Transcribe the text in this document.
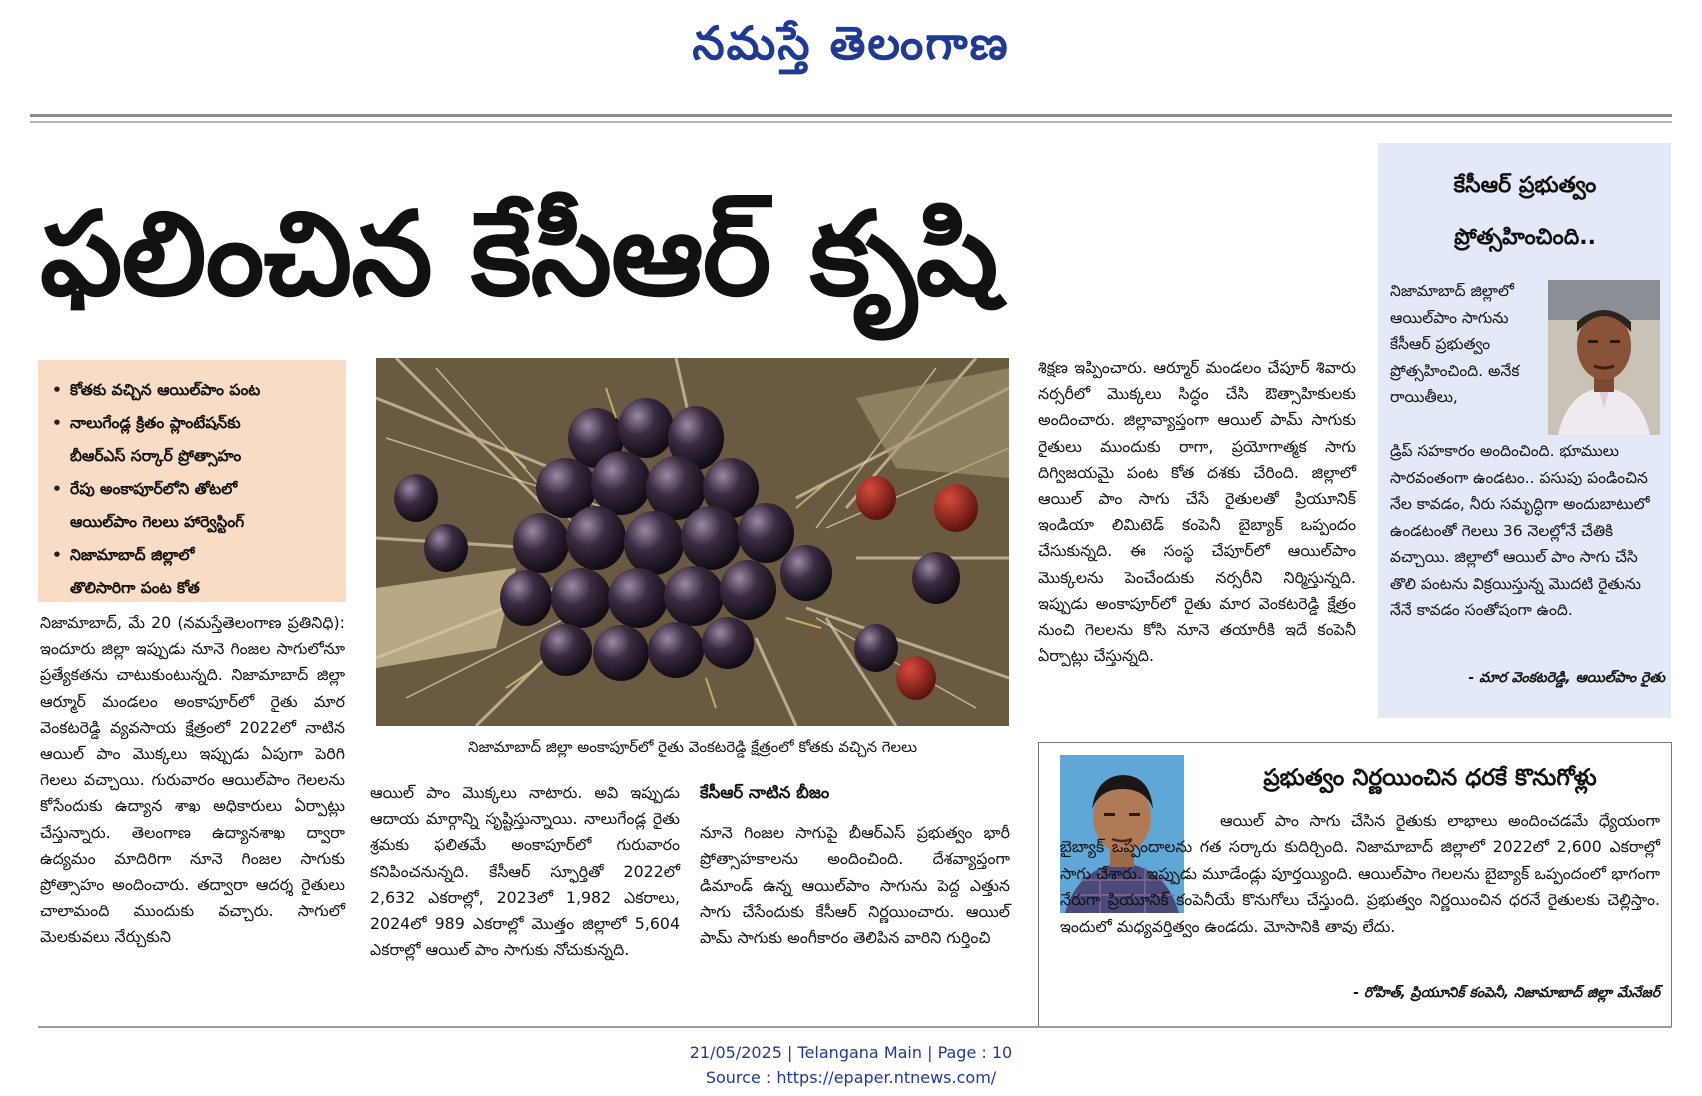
నమస్తే తెలంగాణ
ఫలించిన కేసీఆర్ కృషి
• కోతకు వచ్చిన ఆయిల్‌పాం పంట
• నాలుగేండ్ల క్రితం ప్లాంటేషన్‌కు
బీఆర్‌ఎస్ సర్కార్ ప్రోత్సాహం
• రేపు అంకాపూర్‌లోని తోటలో
ఆయిల్‌పాం గెలలు హార్వెస్టింగ్
• నిజామాబాద్ జిల్లాలో
తొలిసారిగా పంట కోత
నిజామాబాద్ జిల్లా అంకాపూర్‌లో రైతు వెంకటరెడ్డి క్షేత్రంలో కోతకు వచ్చిన గెలలు
నిజామాబాద్, మే 20 (నమస్తేతెలంగాణ ప్రతినిధి): ఇందూరు జిల్లా ఇప్పుడు నూనె గింజల సాగులోనూ ప్రత్యేకతను చాటుకుంటున్నది. నిజామాబాద్ జిల్లా ఆర్మూర్ మండలం అంకాపూర్‌లో రైతు మార వెంకటరెడ్డి వ్యవసాయ క్షేత్రంలో 2022లో నాటిన ఆయిల్ పాం మొక్కలు ఇప్పుడు ఏపుగా పెరిగి గెలలు వచ్చాయి. గురువారం ఆయిల్‌పాం గెలలను కోసేందుకు ఉద్యాన శాఖ అధికారులు ఏర్పాట్లు చేస్తున్నారు. తెలంగాణ ఉద్యానశాఖ ద్వారా ఉద్యమం మాదిరిగా నూనె గింజల సాగుకు ప్రోత్సాహం అందించారు. తద్వారా ఆదర్శ రైతులు చాలామంది ముందుకు వచ్చారు. సాగులో మెలకువలు నేర్చుకుని
ఆయిల్ పాం మొక్కలు నాటారు. అవి ఇప్పుడు ఆదాయ మార్గాన్ని సృష్టిస్తున్నాయి. నాలుగేండ్ల రైతు శ్రమకు ఫలితమే అంకాపూర్‌లో గురువారం కనిపించనున్నది. కేసీఆర్ స్ఫూర్తితో 2022లో 2,632 ఎకరాల్లో, 2023లో 1,982 ఎకరాలు, 2024లో 989 ఎకరాల్లో మొత్తం జిల్లాలో 5,604 ఎకరాల్లో ఆయిల్ పాం సాగుకు నోచుకున్నది.
కేసీఆర్ నాటిన బీజం
నూనె గింజల సాగుపై బీఆర్‌ఎస్ ప్రభుత్వం భారీ ప్రోత్సాహకాలను అందించింది. దేశవ్యాప్తంగా డిమాండ్ ఉన్న ఆయిల్‌పాం సాగును పెద్ద ఎత్తున సాగు చేసేందుకు కేసీఆర్ నిర్ణయించారు. ఆయిల్ పామ్ సాగుకు అంగీకారం తెలిపిన వారిని గుర్తించి
శిక్షణ ఇప్పించారు. ఆర్మూర్ మండలం చేపూర్ శివారు నర్సరీలో మొక్కలు సిద్ధం చేసి ఔత్సాహికులకు అందించారు. జిల్లావ్యాప్తంగా ఆయిల్ పామ్ సాగుకు రైతులు ముందుకు రాగా, ప్రయోగాత్మక సాగు దిగ్విజయమై పంట కోత దశకు చేరింది. జిల్లాలో ఆయిల్ పాం సాగు చేసే రైతులతో ప్రియూనిక్ ఇండియా లిమిటెడ్ కంపెనీ బైబ్యాక్ ఒప్పందం చేసుకున్నది. ఈ సంస్థ చేపూర్‌లో ఆయిల్‌పాం మొక్కలను పెంచేందుకు నర్సరీని నిర్మిస్తున్నది. ఇప్పుడు అంకాపూర్‌లో రైతు మార వెంకటరెడ్డి క్షేత్రం నుంచి గెలలను కోసి నూనె తయారీకి ఇదే కంపెనీ ఏర్పాట్లు చేస్తున్నది.
కేసీఆర్ ప్రభుత్వం
ప్రోత్సహించింది..
నిజామాబాద్ జిల్లాలో ఆయిల్‌పాం సాగును కేసీఆర్ ప్రభుత్వం ప్రోత్సహించింది. అనేక రాయితీలు,
డ్రిప్ సహకారం అందించింది. భూములు సారవంతంగా ఉండటం.. పసుపు పండించిన నేల కావడం, నీరు సమృద్ధిగా అందుబాటులో ఉండటంతో గెలలు 36 నెలల్లోనే చేతికి వచ్చాయి. జిల్లాలో ఆయిల్ పాం సాగు చేసి తొలి పంటను విక్రయిస్తున్న మొదటి రైతును నేనే కావడం సంతోషంగా ఉంది.
- మార వెంకటరెడ్డి, ఆయిల్‌పాం రైతు
ప్రభుత్వం నిర్ణయించిన ధరకే కొనుగోళ్లు
ఆయిల్ పాం సాగు చేసిన రైతుకు లాభాలు అందించడమే ధ్యేయంగా బైబ్యాక్ ఒప్పందాలను గత సర్కారు కుదిర్చింది. నిజామాబాద్ జిల్లాలో 2022లో 2,600 ఎకరాల్లో సాగు చేశారు. ఇప్పుడు మూడేండ్లు పూర్తయ్యింది. ఆయిల్‌పాం గెలలను బైబ్యాక్ ఒప్పందంలో భాగంగా నేరుగా ప్రియూనిక్ కంపెనీయే కొనుగోలు చేస్తుంది. ప్రభుత్వం నిర్ణయించిన ధరనే రైతులకు చెల్లిస్తాం. ఇందులో మధ్యవర్తిత్వం ఉండదు. మోసానికి తావు లేదు.
- రోహిత్, ప్రియూనిక్ కంపెనీ, నిజామాబాద్ జిల్లా మేనేజర్
21/05/2025 | Telangana Main | Page : 10
Source : https://epaper.ntnews.com/
